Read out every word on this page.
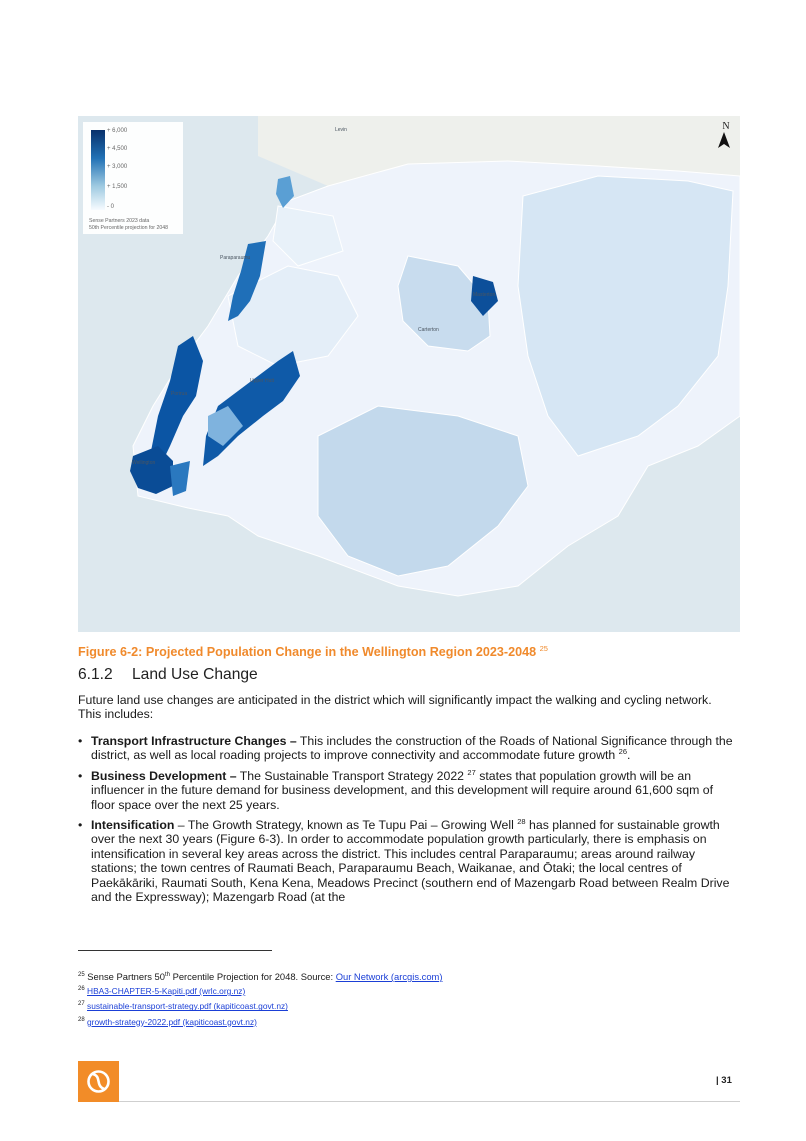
+ 6,000
+ 4,500
+ 3,000
+ 1,500
- 0
Sense Partners 2023 data
50th Percentile projection for 2048
N
Levin
Paraparaumu
Upper Hutt
Carterton
Masterton
Porirua
Wellington
Figure 6-2: Projected Population Change in the Wellington Region 2023-2048 $^{25}$
6.1.2 Land Use Change
Future land use changes are anticipated in the district which will significantly impact the walking and cycling network. This includes:
• Transport Infrastructure Changes – This includes the construction of the Roads of National Significance through the district, as well as local roading projects to improve connectivity and accommodate future growth $^{26}$.
• Business Development – The Sustainable Transport Strategy 2022 $^{27}$ states that population growth will be an influencer in the future demand for business development, and this development will require around 61,600 sqm of floor space over the next 25 years.
• Intensification – The Growth Strategy, known as Te Tupu Pai – Growing Well $^{28}$ has planned for sustainable growth over the next 30 years (Figure 6-3). In order to accommodate population growth particularly, there is emphasis on intensification in several key areas across the district. This includes central Paraparaumu; areas around railway stations; the town centres of Raumati Beach, Paraparaumu Beach, Waikanae, and Ōtaki; the local centres of Paekākāriki, Raumati South, Kena Kena, Meadows Precinct (southern end of Mazengarb Road between Realm Drive and the Expressway); Mazengarb Road (at the
$^{25}$ Sense Partners 50th Percentile Projection for 2048. Source: Our Network (arcgis.com)
$^{26}$ HBA3-CHAPTER-5-Kapiti.pdf (wrlc.org.nz)
$^{27}$ sustainable-transport-strategy.pdf (kapiticoast.govt.nz)
$^{28}$ growth-strategy-2022.pdf (kapiticoast.govt.nz)
| 31
